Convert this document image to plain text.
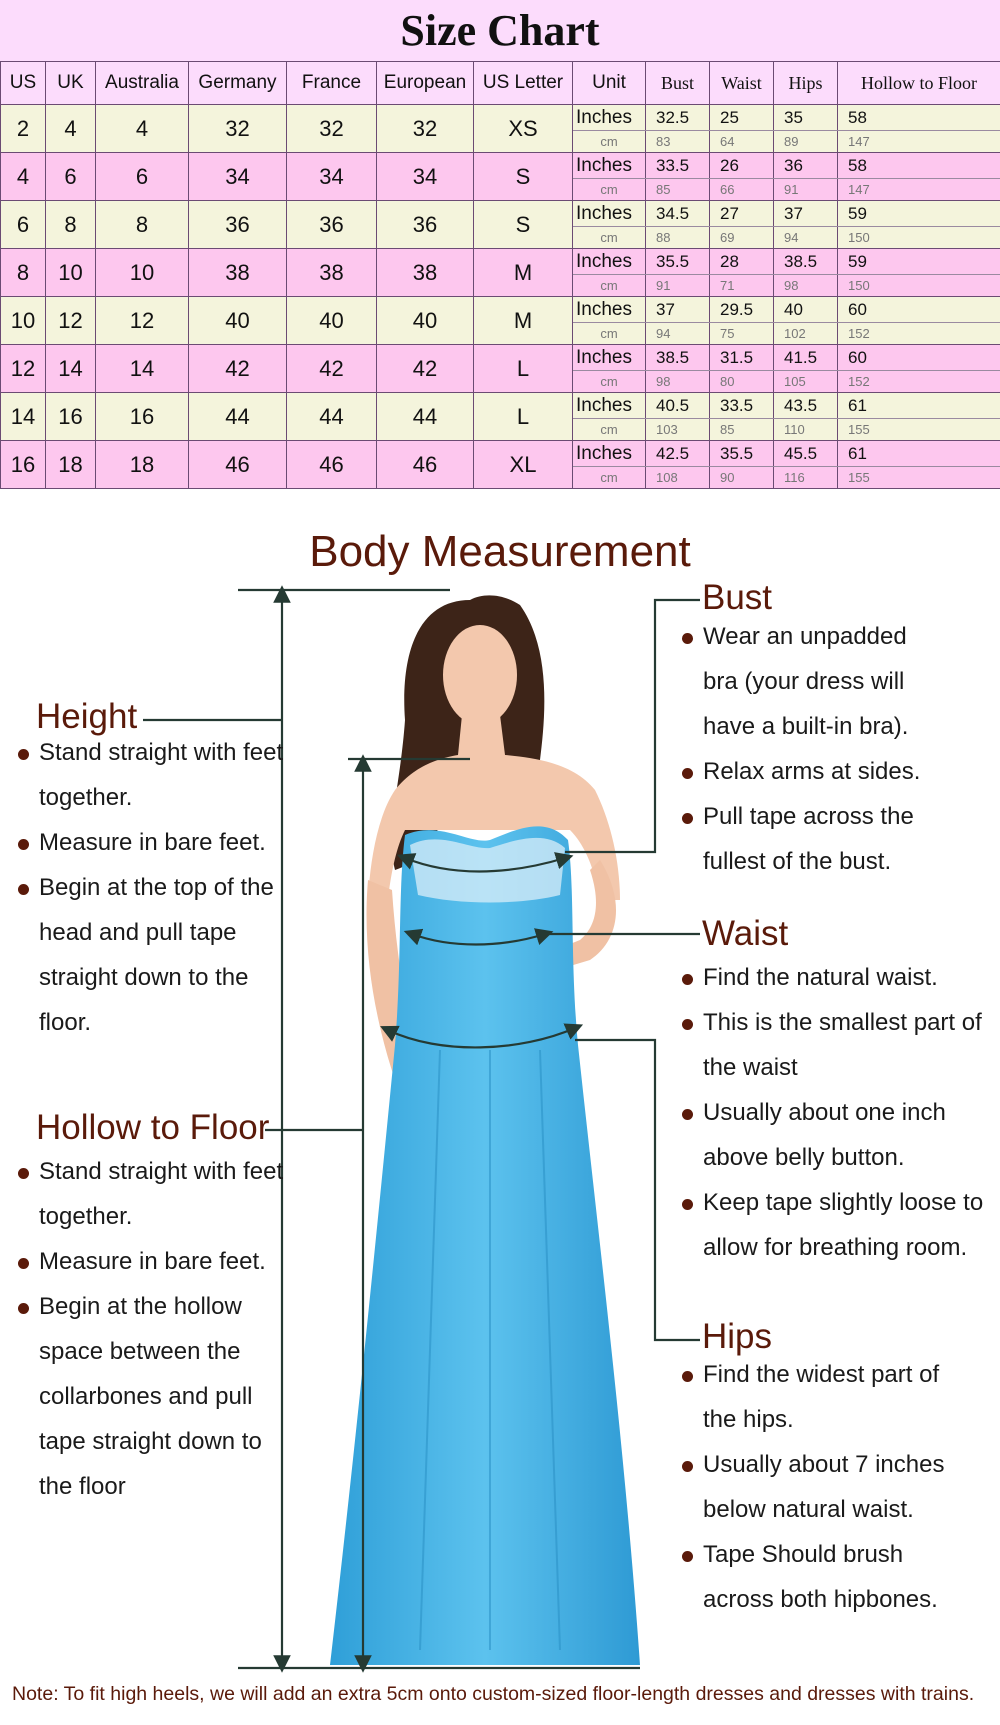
Size Chart
US	UK	Australia	Germany	France	European	US Letter	Unit	Bust	Waist	Hips	Hollow to Floor
2	4	4	32	32	32	XS	Inches	32.5	25	35	58
							cm	83	64	89	147
4	6	6	34	34	34	S	Inches	33.5	26	36	58
							cm	85	66	91	147
6	8	8	36	36	36	S	Inches	34.5	27	37	59
							cm	88	69	94	150
8	10	10	38	38	38	M	Inches	35.5	28	38.5	59
							cm	91	71	98	150
10	12	12	40	40	40	M	Inches	37	29.5	40	60
							cm	94	75	102	152
12	14	14	42	42	42	L	Inches	38.5	31.5	41.5	60
							cm	98	80	105	152
14	16	16	44	44	44	L	Inches	40.5	33.5	43.5	61
							cm	103	85	110	155
16	18	18	46	46	46	XL	Inches	42.5	35.5	45.5	61
							cm	108	90	116	155
Body Measurement
Height
Stand straight with feet together.
Measure in bare feet.
Begin at the top of the head and pull tape straight down to the floor.
Hollow to Floor
Stand straight with feet together.
Measure in bare feet.
Begin at the hollow space between the collarbones and pull tape straight down to the floor
Bust
Wear an unpadded bra (your dress will have a built-in bra).
Relax arms at sides.
Pull tape across the fullest of the bust.
Waist
Find the natural waist.
This is the smallest part of the waist
Usually about one inch above belly button.
Keep tape slightly loose to allow for breathing room.
Hips
Find the widest part of the hips.
Usually about 7 inches below natural waist.
Tape Should brush across both hipbones.

Note: To fit high heels, we will add an extra 5cm onto custom-sized floor-length dresses and dresses with trains.
